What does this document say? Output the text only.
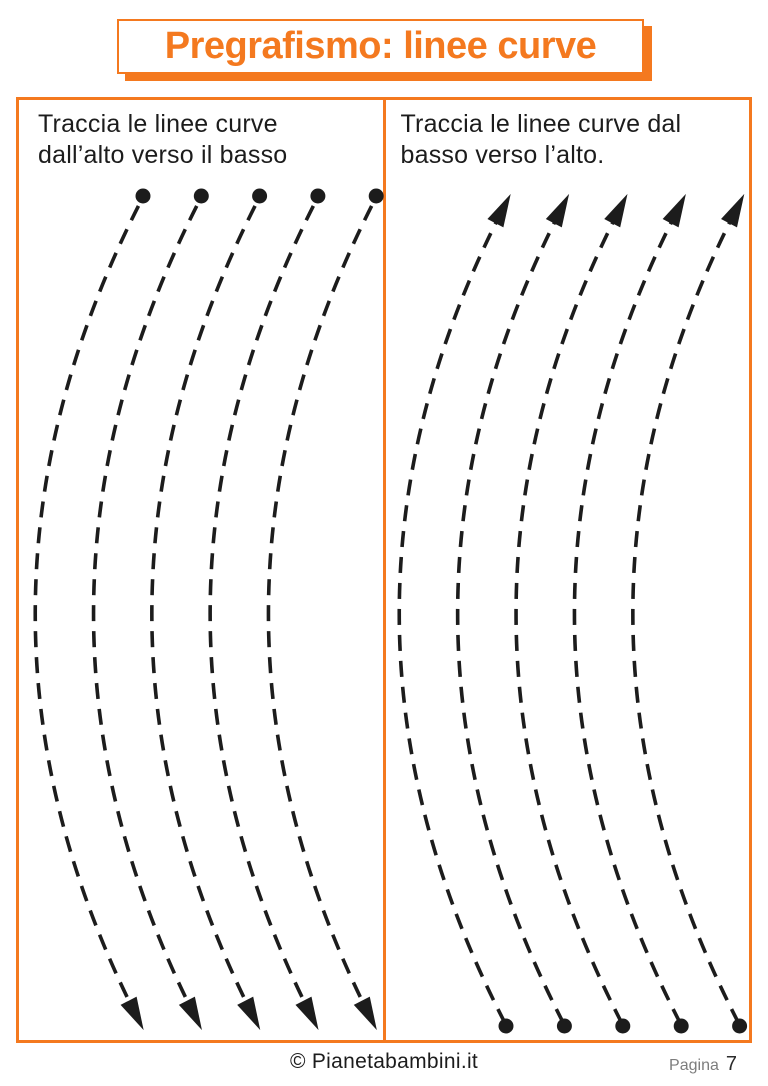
Pregrafismo: linee curve
Traccia le linee curve
dall’alto verso il basso
Traccia le linee curve dal
basso verso l’alto.
© Pianetabambini.it	Pagina 7
